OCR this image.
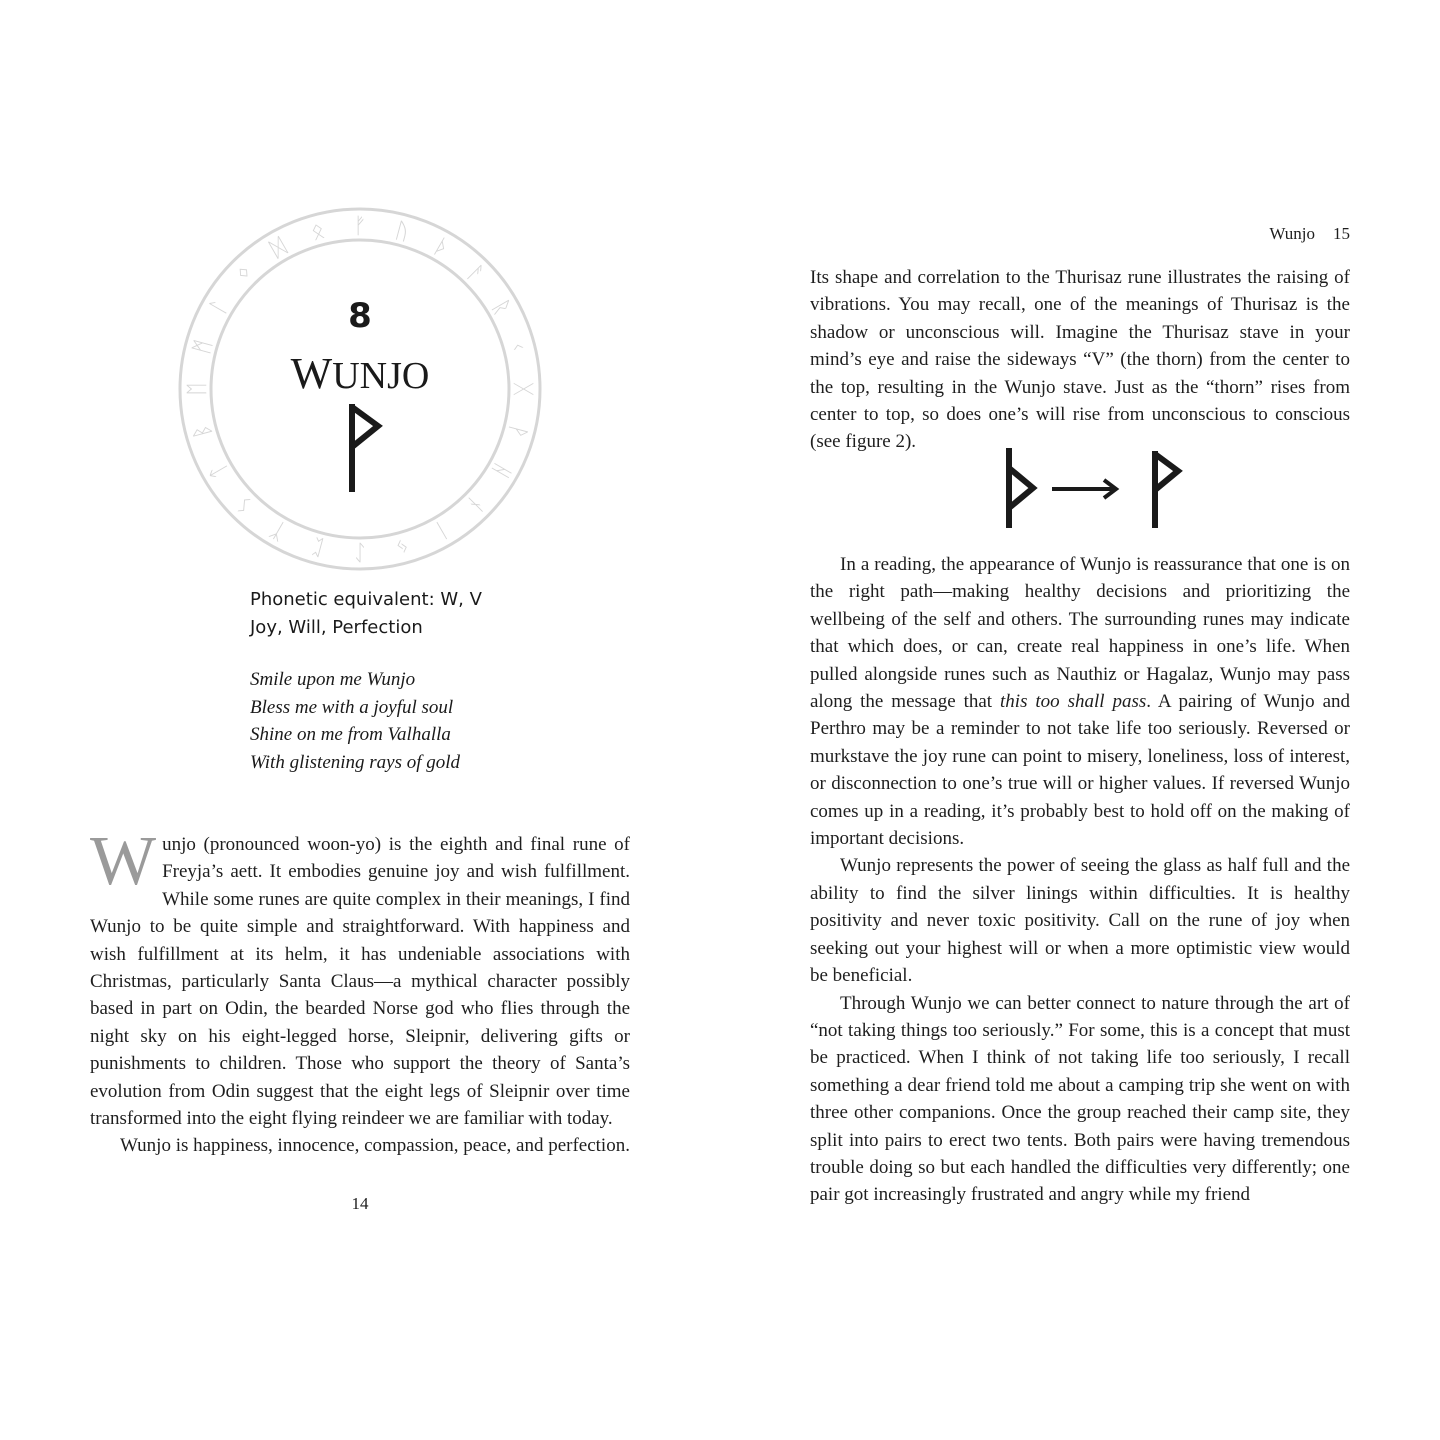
ᚠ ᚢ
ᚦ
ᚨ
ᚱ
ᚲ
ᚷ
ᚹ
ᚺ
ᚾ
ᛁ
ᛃ
ᛇ
ᛈ
ᛉ
ᛊ
ᛏ
ᛒ
ᛖ
ᛗ
ᛚ
ᛜ
ᛞ
ᛟ
8
WUNJO
Phonetic equivalent: W, V
Joy, Will, Perfection
Smile upon me Wunjo
Bless me with a joyful soul
Shine on me from Valhalla
With glistening rays of gold

Wunjo (pronounced woon-yo) is the eighth and final rune of Freyja’s aett. It embodies genuine joy and wish fulfillment. While some runes are quite complex in their meanings, I find Wunjo to be quite simple and straightforward. With happiness and wish fulfillment at its helm, it has undeniable associations with Christmas, particularly Santa Claus—a mythical character possibly based in part on Odin, the bearded Norse god who flies through the night sky on his eight-legged horse, Sleipnir, delivering gifts or punishments to children. Those who support the theory of Santa’s evolution from Odin suggest that the eight legs of Sleipnir over time transformed into the eight flying reindeer we are familiar with today.

Wunjo is happiness, innocence, compassion, peace, and perfection.

14
Wunjo 15

Its shape and correlation to the Thurisaz rune illustrates the raising of vibrations. You may recall, one of the meanings of Thurisaz is the shadow or unconscious will. Imagine the Thurisaz stave in your mind’s eye and raise the sideways “V” (the thorn) from the center to the top, resulting in the Wunjo stave. Just as the “thorn” rises from center to top, so does one’s will rise from unconscious to conscious (see figure 2).

In a reading, the appearance of Wunjo is reassurance that one is on the right path—making healthy decisions and prioritizing the wellbeing of the self and others. The surrounding runes may indicate that which does, or can, create real happiness in one’s life. When pulled alongside runes such as Nauthiz or Hagalaz, Wunjo may pass along the message that this too shall pass. A pairing of Wunjo and Perthro may be a reminder to not take life too seriously. Reversed or murkstave the joy rune can point to misery, loneliness, loss of interest, or disconnection to one’s true will or higher values. If reversed Wunjo comes up in a reading, it’s probably best to hold off on the making of important decisions.

Wunjo represents the power of seeing the glass as half full and the ability to find the silver linings within difficulties. It is healthy positivity and never toxic positivity. Call on the rune of joy when seeking out your highest will or when a more optimistic view would be beneficial.

Through Wunjo we can better connect to nature through the art of “not taking things too seriously.” For some, this is a concept that must be practiced. When I think of not taking life too seriously, I recall something a dear friend told me about a camping trip she went on with three other companions. Once the group reached their camp site, they split into pairs to erect two tents. Both pairs were having tremendous trouble doing so but each handled the difficulties very differently; one pair got increasingly frustrated and angry while my friend
